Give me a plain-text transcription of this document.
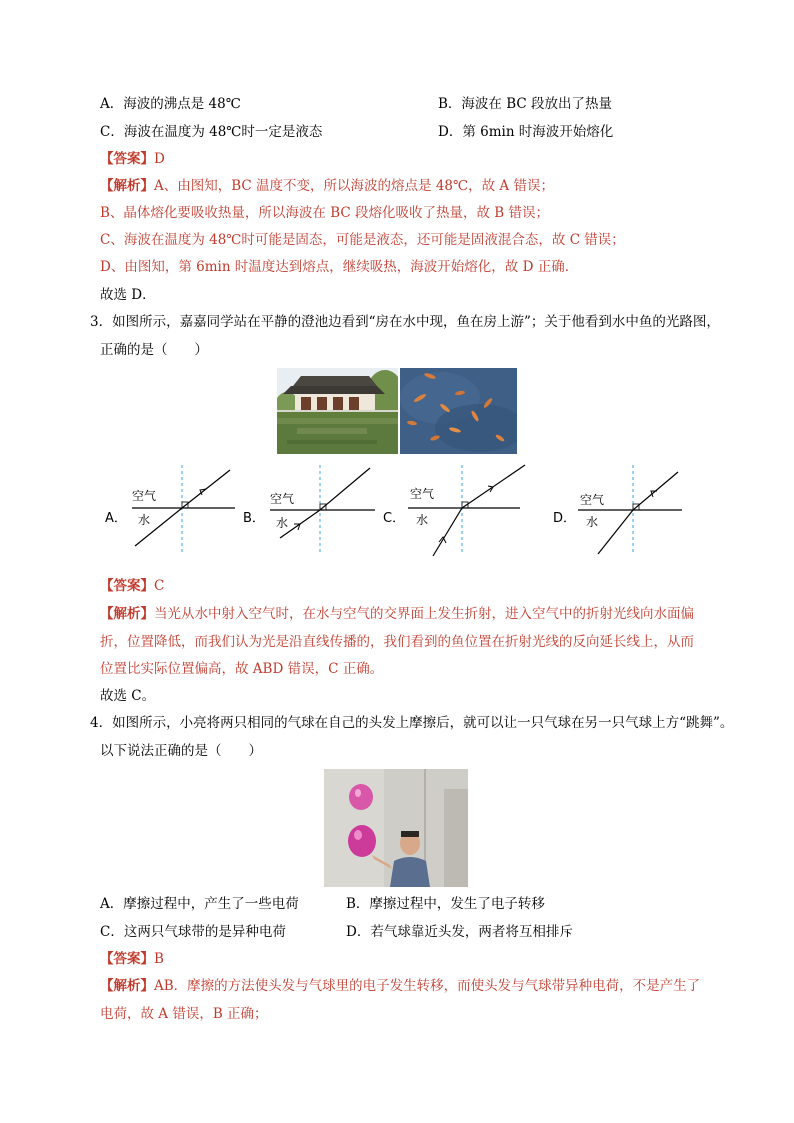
A．海波的沸点是 48℃	B．海波在 BC 段放出了热量
C．海波在温度为 48℃时一定是液态	D．第 6min 时海波开始熔化
【答案】D
【解析】A、由图知，BC 温度不变，所以海波的熔点是 48℃，故 A 错误；
B、晶体熔化要吸收热量，所以海波在 BC 段熔化吸收了热量，故 B 错误；
C、海波在温度为 48℃时可能是固态，可能是液态，还可能是固液混合态，故 C 错误；
D、由图知，第 6min 时温度达到熔点，继续吸热，海波开始熔化，故 D 正确．
故选 D．
3．如图所示，嘉嘉同学站在平静的澄池边看到“房在水中现，鱼在房上游”；关于他看到水中鱼的光路图，
正确的是（　　）
A．
空气
水	B．
空气
水	C．
空气
水	D．
空气
水
【答案】C
【解析】当光从水中射入空气时，在水与空气的交界面上发生折射，进入空气中的折射光线向水面偏
折，位置降低，而我们认为光是沿直线传播的，我们看到的鱼位置在折射光线的反向延长线上，从而
位置比实际位置偏高，故 ABD 错误，C 正确。
故选 C。
4．如图所示，小亮将两只相同的气球在自己的头发上摩擦后，就可以让一只气球在另一只气球上方“跳舞”。
以下说法正确的是（　　）
A．摩擦过程中，产生了一些电荷	B．摩擦过程中，发生了电子转移
C．这两只气球带的是异种电荷	D．若气球靠近头发，两者将互相排斥
【答案】B
【解析】AB．摩擦的方法使头发与气球里的电子发生转移，而使头发与气球带异种电荷，不是产生了
电荷，故 A 错误，B 正确；
